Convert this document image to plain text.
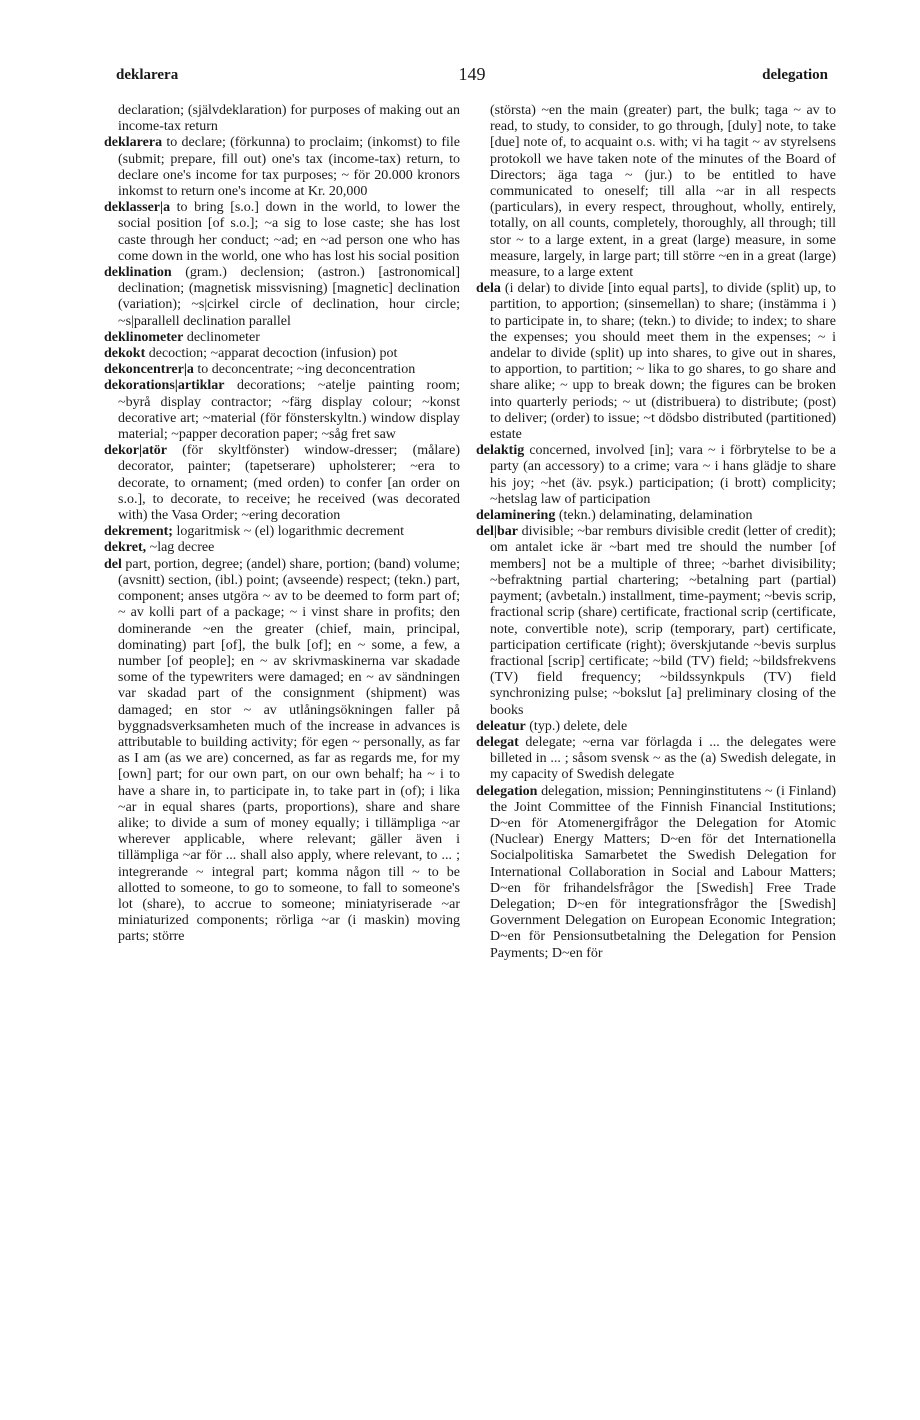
deklarera	149	delegation

declaration; (självdeklaration) for purposes of making out an income-tax return

deklarera to declare; (förkunna) to proclaim; (inkomst) to file (submit; prepare, fill out) one's tax (income-tax) return, to declare one's income for tax purposes; ~ för 20.000 kronors inkomst to return one's income at Kr. 20,000

deklasser|a to bring [s.o.] down in the world, to lower the social position [of s.o.]; ~a sig to lose caste; she has lost caste through her conduct; ~ad; en ~ad person one who has come down in the world, one who has lost his social position

deklination (gram.) declension; (astron.) [astronomical] declination; (magnetisk missvisning) [magnetic] declination (variation); ~s|cirkel circle of declination, hour circle; ~s|parallell declination parallel

deklinometer declinometer

dekokt decoction; ~apparat decoction (infusion) pot

dekoncentrer|a to deconcentrate; ~ing deconcentration

dekorations|artiklar decorations; ~atelje painting room; ~byrå display contractor; ~färg display colour; ~konst decorative art; ~material (för fönsterskyltn.) window display material; ~papper decoration paper; ~såg fret saw

dekor|atör (för skyltfönster) window-dresser; (målare) decorator, painter; (tapetserare) upholsterer; ~era to decorate, to ornament; (med orden) to confer [an order on s.o.], to decorate, to receive; he received (was decorated with) the Vasa Order; ~ering decoration

dekrement; logaritmisk ~ (el) logarithmic decrement

dekret, ~lag decree

del part, portion, degree; (andel) share, portion; (band) volume; (avsnitt) section, (ibl.) point; (avseende) respect; (tekn.) part, component; anses utgöra ~ av to be deemed to form part of; ~ av kolli part of a package; ~ i vinst share in profits; den dominerande ~en the greater (chief, main, principal, dominating) part [of], the bulk [of]; en ~ some, a few, a number [of people]; en ~ av skrivmaskinerna var skadade some of the typewriters were damaged; en ~ av sändningen var skadad part of the consignment (shipment) was damaged; en stor ~ av utlåningsökningen faller på byggnadsverksamheten much of the increase in advances is attributable to building activity; för egen ~ personally, as far as I am (as we are) concerned, as far as regards me, for my [own] part; for our own part, on our own behalf; ha ~ i to have a share in, to participate in, to take part in (of); i lika ~ar in equal shares (parts, proportions), share and share alike; to divide a sum of money equally; i tillämpliga ~ar wherever applicable, where relevant; gäller även i tillämpliga ~ar för ... shall also apply, where relevant, to ... ; integrerande ~ integral part; komma någon till ~ to be allotted to someone, to go to someone, to fall to someone's lot (share), to accrue to someone; miniatyriserade ~ar miniaturized components; rörliga ~ar (i maskin) moving parts; större

(största) ~en the main (greater) part, the bulk; taga ~ av to read, to study, to consider, to go through, [duly] note, to take [due] note of, to acquaint o.s. with; vi ha tagit ~ av styrelsens protokoll we have taken note of the minutes of the Board of Directors; äga taga ~ (jur.) to be entitled to have communicated to oneself; till alla ~ar in all respects (particulars), in every respect, throughout, wholly, entirely, totally, on all counts, completely, thoroughly, all through; till stor ~ to a large extent, in a great (large) measure, in some measure, largely, in large part; till större ~en in a great (large) measure, to a large extent

dela (i delar) to divide [into equal parts], to divide (split) up, to partition, to apportion; (sinsemellan) to share; (instämma i ) to participate in, to share; (tekn.) to divide; to index; to share the expenses; you should meet them in the expenses; ~ i andelar to divide (split) up into shares, to give out in shares, to apportion, to partition; ~ lika to go shares, to go share and share alike; ~ upp to break down; the figures can be broken into quarterly periods; ~ ut (distribuera) to distribute; (post) to deliver; (order) to issue; ~t dödsbo distributed (partitioned) estate

delaktig concerned, involved [in]; vara ~ i förbrytelse to be a party (an accessory) to a crime; vara ~ i hans glädje to share his joy; ~het (äv. psyk.) participation; (i brott) complicity; ~hetslag law of participation

delaminering (tekn.) delaminating, delamination

del|bar divisible; ~bar remburs divisible credit (letter of credit); om antalet icke är ~bart med tre should the number [of members] not be a multiple of three; ~barhet divisibility; ~befraktning partial chartering; ~betalning part (partial) payment; (avbetaln.) installment, time-payment; ~bevis scrip, fractional scrip (share) certificate, fractional scrip (certificate, note, convertible note), scrip (temporary, part) certificate, participation certificate (right); överskjutande ~bevis surplus fractional [scrip] certificate; ~bild (TV) field; ~bildsfrekvens (TV) field frequency; ~bildssynkpuls (TV) field synchronizing pulse; ~bokslut [a] preliminary closing of the books

deleatur (typ.) delete, dele

delegat delegate; ~erna var förlagda i ... the delegates were billeted in ... ; såsom svensk ~ as the (a) Swedish delegate, in my capacity of Swedish delegate

delegation delegation, mission; Penninginstitutens ~ (i Finland) the Joint Committee of the Finnish Financial Institutions; D~en för Atomenergifrågor the Delegation for Atomic (Nuclear) Energy Matters; D~en för det Internationella Socialpolitiska Samarbetet the Swedish Delegation for International Collaboration in Social and Labour Matters; D~en för frihandelsfrågor the [Swedish] Free Trade Delegation; D~en för integrationsfrågor the [Swedish] Government Delegation on European Economic Integration; D~en för Pensionsutbetalning the Delegation for Pension Payments; D~en för
